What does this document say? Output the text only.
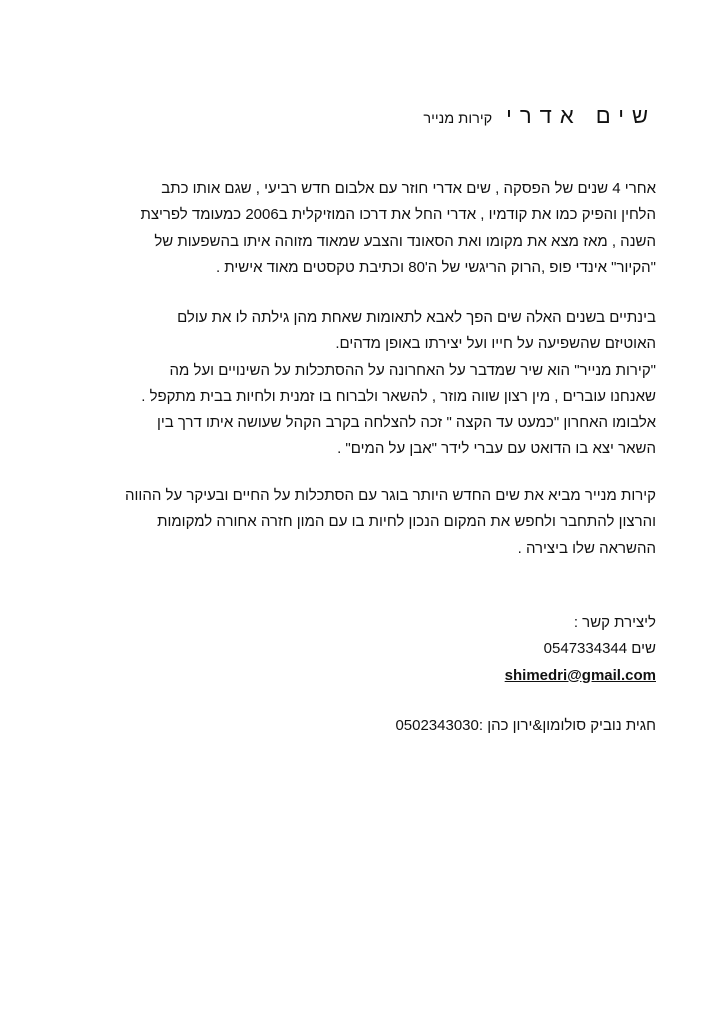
שים אדרי
קירות מנייר
אחרי 4 שנים של הפסקה , שים אדרי חוזר עם אלבום חדש רביעי , שגם אותו כתב
הלחין והפיק כמו את קודמיו , אדרי החל את דרכו המוזיקלית ב2006 כמעומד לפריצת
השנה , מאז מצא את מקומו ואת הסאונד והצבע שמאוד מזוהה איתו בהשפעות של
"הקיור" אינדי פופ ,הרוק הריגשי של ה'80 וכתיבת טקסטים מאוד אישית .
בינתיים בשנים האלה שים הפך לאבא לתאומות שאחת מהן גילתה לו את עולם
האוטיזם שהשפיעה על חייו ועל יצירתו באופן מדהים.
"קירות מנייר" הוא שיר שמדבר על האחרונה על ההסתכלות על השינויים ועל מה
שאנחנו עוברים , מין רצון שווה מוזר , להשאר ולברוח בו זמנית ולחיות בבית מתקפל .
אלבומו האחרון "כמעט עד הקצה " זכה להצלחה בקרב הקהל שעושה איתו דרך בין
השאר יצא בו הדואט עם עברי לידר "אבן על המים" .
קירות מנייר מביא את שים החדש היותר בוגר עם הסתכלות על החיים ובעיקר על ההווה
והרצון להתחבר ולחפש את המקום הנכון לחיות בו עם המון חזרה אחורה למקומות
ההשראה שלו ביצירה .
ליצירת קשר :
שים 0547334344
shimedri@gmail.com
חגית נוביק סולומון&ירון כהן :0502343030
